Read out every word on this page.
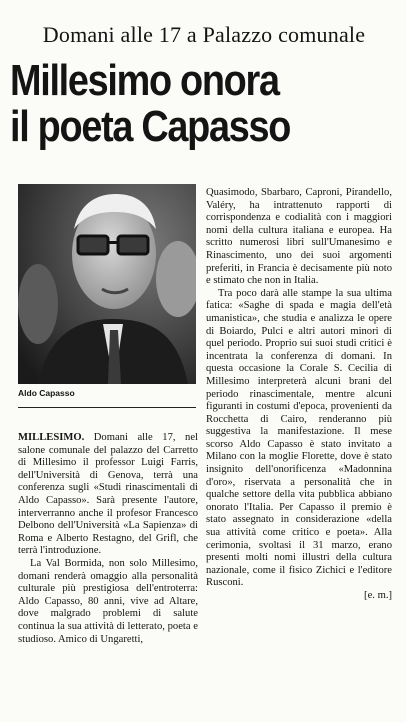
Domani alle 17 a Palazzo comunale
Millesimo onora
il poeta Capasso
Aldo Capasso

MILLESIMO. Domani alle 17, nel salone comunale del palazzo del Carretto di Millesimo il professor Luigi Farris, dell'Università di Genova, terrà una conferenza sugli «Studi rinascimentali di Aldo Capasso». Sarà presente l'autore, interverranno anche il profesor Francesco Delbono dell'Università «La Sapienza» di Roma e Alberto Restagno, del Grifl, che terrà l'introduzione.

La Val Bormida, non solo Millesimo, domani renderà omaggio alla personalità culturale più prestigiosa dell'entroterra: Aldo Capasso, 80 anni, vive ad Altare, dove malgrado problemi di salute continua la sua attività di letterato, poeta e studioso. Amico di Ungaretti,

Quasimodo, Sbarbaro, Caproni, Pirandello, Valéry, ha intrattenuto rapporti di corrispondenza e codialità con i maggiori nomi della cultura italiana e europea. Ha scritto numerosi libri sull'Umanesimo e Rinascimento, uno dei suoi argomenti preferiti, in Francia è decisamente più noto e stimato che non in Italia.

Tra poco darà alle stampe la sua ultima fatica: «Saghe di spada e magia dell'età umanistica», che studia e analizza le opere di Boiardo, Pulci e altri autori minori di quel periodo. Proprio sui suoi studi critici è incentrata la conferenza di domani. In questa occasione la Corale S. Cecilia di Millesimo interpreterà alcuni brani del periodo rinascimentale, mentre alcuni figuranti in costumi d'epoca, provenienti da Rocchetta di Cairo, renderanno più suggestiva la manifestazione. Il mese scorso Aldo Capasso è stato invitato a Milano con la moglie Florette, dove è stato insignito dell'onorificenza «Madonnina d'oro», riservata a personalità che in qualche settore della vita pubblica abbiano onorato l'Italia. Per Capasso il premio è stato assegnato in considerazione «della sua attività come critico e poeta». Alla cerimonia, svoltasi il 31 marzo, erano presenti molti nomi illustri della cultura nazionale, come il fisico Zichici e l'editore Rusconi.

[e. m.]
